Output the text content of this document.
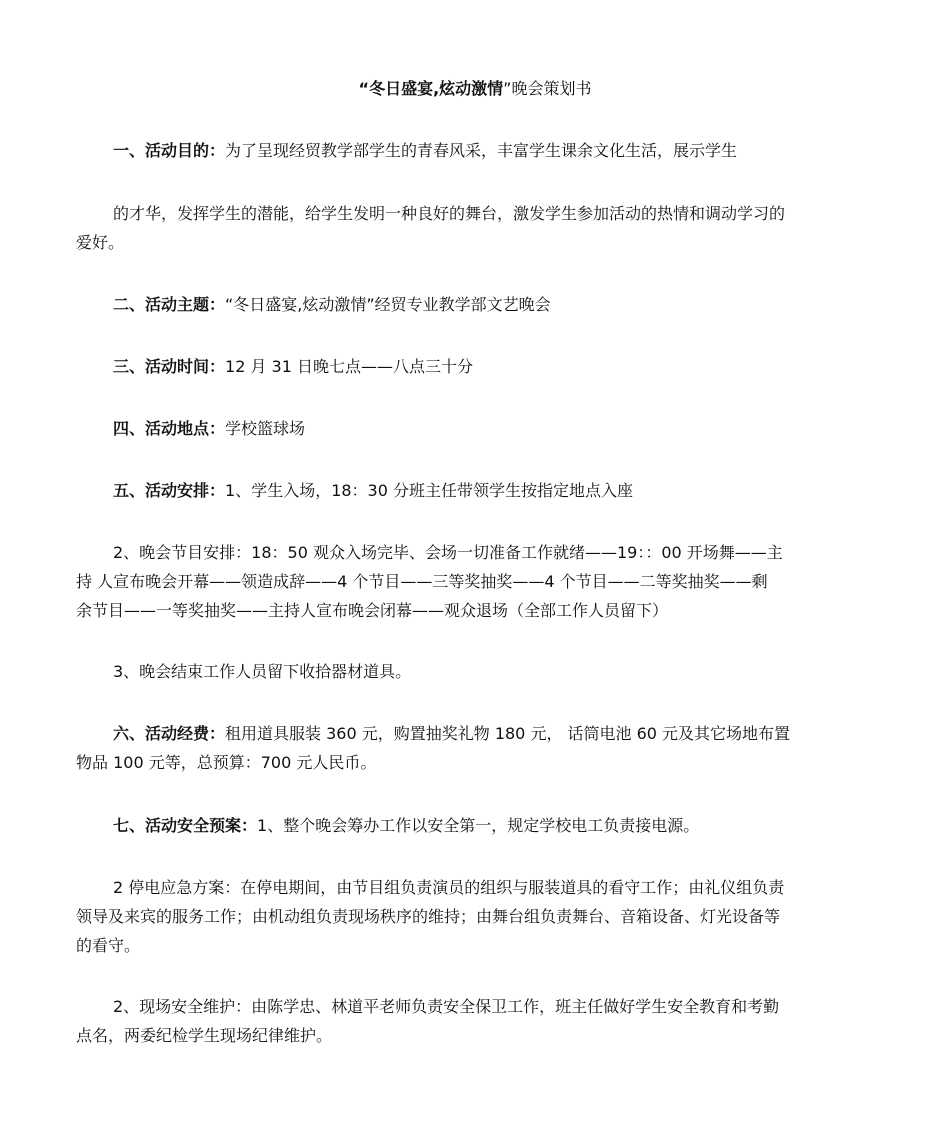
“冬日盛宴,炫动激情”晚会策划书
一、活动目的：为了呈现经贸教学部学生的青春风采，丰富学生课余文化生活，展示学生
的才华，发挥学生的潜能，给学生发明一种良好的舞台，激发学生参加活动的热情和调动学习的
爱好。
二、活动主题：“冬日盛宴,炫动激情”经贸专业教学部文艺晚会
三、活动时间：12 月 31 日晚七点——八点三十分
四、活动地点：学校篮球场
五、活动安排：1、学生入场，18：30 分班主任带领学生按指定地点入座
2、晚会节目安排：18：50 观众入场完毕、会场一切准备工作就绪——19：：00 开场舞——主
持 人宣布晚会开幕——领造成辞——4 个节目——三等奖抽奖——4 个节目——二等奖抽奖——剩
余节目——一等奖抽奖——主持人宣布晚会闭幕——观众退场（全部工作人员留下）
3、晚会结束工作人员留下收拾器材道具。
六、活动经费：租用道具服装 360 元，购置抽奖礼物 180 元， 话筒电池 60 元及其它场地布置
物品 100 元等，总预算：700 元人民币。
七、活动安全预案：1、整个晚会筹办工作以安全第一，规定学校电工负责接电源。
2 停电应急方案：在停电期间，由节目组负责演员的组织与服装道具的看守工作；由礼仪组负责
领导及来宾的服务工作；由机动组负责现场秩序的维持；由舞台组负责舞台、音箱设备、灯光设备等
的看守。
2、现场安全维护：由陈学忠、林道平老师负责安全保卫工作，班主任做好学生安全教育和考勤
点名，两委纪检学生现场纪律维护。
